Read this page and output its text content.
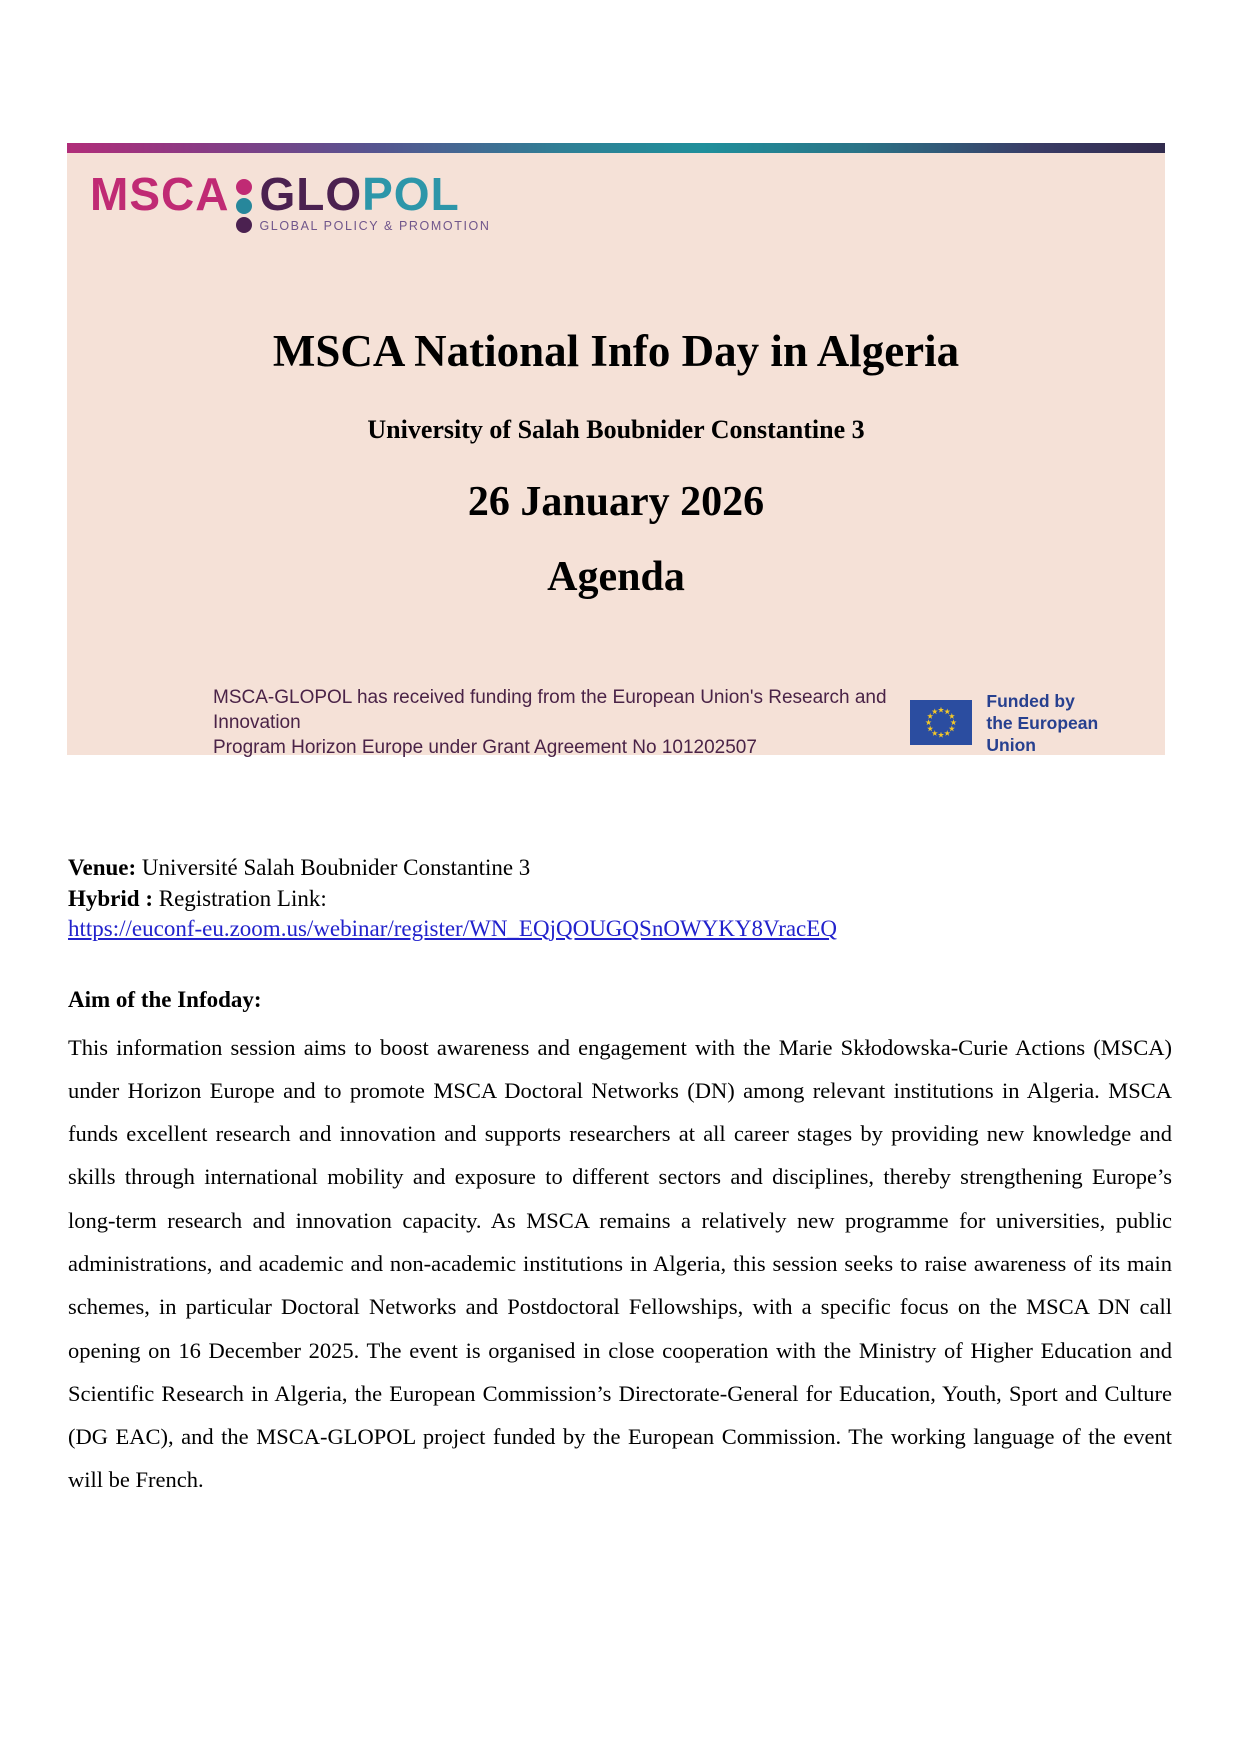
MSCA GLOPOL
GLOBAL POLICY & PROMOTION
MSCA National Info Day in Algeria
University of Salah Boubnider Constantine 3
26 January 2026
Agenda
MSCA-GLOPOL has received funding from the European Union's Research and Innovation
Program Horizon Europe under Grant Agreement No 101202507
Funded by
the European Union
Venue: Université Salah Boubnider Constantine 3
Hybrid : Registration Link:
https://euconf-eu.zoom.us/webinar/register/WN_EQjQOUGQSnOWYKY8VracEQ
Aim of the Infoday:
This information session aims to boost awareness and engagement with the Marie Skłodowska-Curie Actions (MSCA) under Horizon Europe and to promote MSCA Doctoral Networks (DN) among relevant institutions in Algeria. MSCA funds excellent research and innovation and supports researchers at all career stages by providing new knowledge and skills through international mobility and exposure to different sectors and disciplines, thereby strengthening Europe’s long-term research and innovation capacity. As MSCA remains a relatively new programme for universities, public administrations, and academic and non-academic institutions in Algeria, this session seeks to raise awareness of its main schemes, in particular Doctoral Networks and Postdoctoral Fellowships, with a specific focus on the MSCA DN call opening on 16 December 2025. The event is organised in close cooperation with the Ministry of Higher Education and Scientific Research in Algeria, the European Commission’s Directorate-General for Education, Youth, Sport and Culture (DG EAC), and the MSCA-GLOPOL project funded by the European Commission. The working language of the event will be French.
